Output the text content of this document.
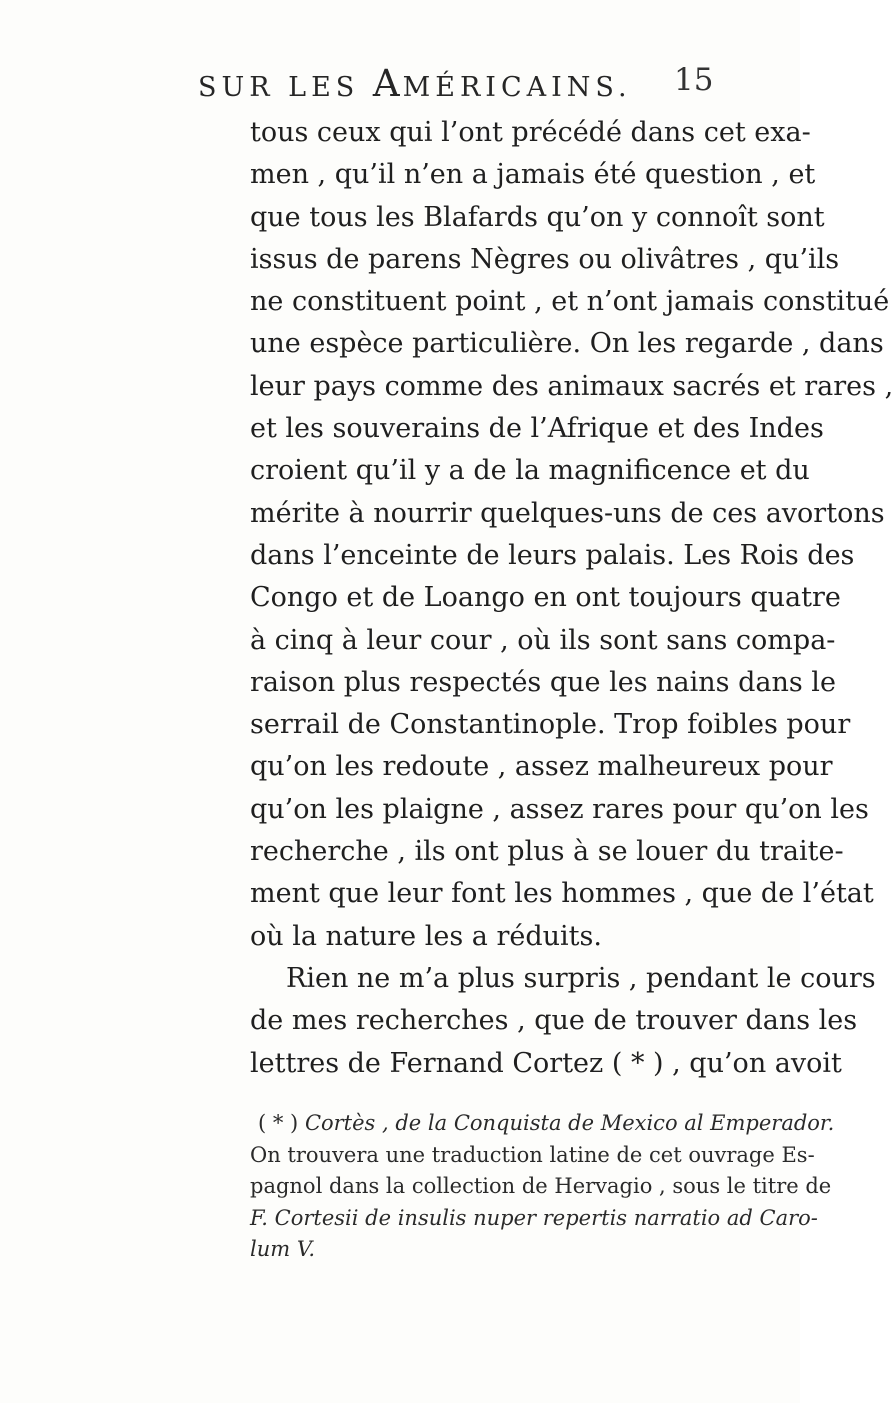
SUR LES AMÉRICAINS. 15
tous ceux qui l’ont précédé dans cet exa-
men , qu’il n’en a jamais été question , et
que tous les Blafards qu’on y connoît sont
issus de parens Nègres ou olivâtres , qu’ils
ne constituent point , et n’ont jamais constitué
une espèce particulière. On les regarde , dans
leur pays comme des animaux sacrés et rares ,
et les souverains de l’Afrique et des Indes
croient qu’il y a de la magnificence et du
mérite à nourrir quelques-uns de ces avortons
dans l’enceinte de leurs palais. Les Rois des
Congo et de Loango en ont toujours quatre
à cinq à leur cour , où ils sont sans compa-
raison plus respectés que les nains dans le
serrail de Constantinople. Trop foibles pour
qu’on les redoute , assez malheureux pour
qu’on les plaigne , assez rares pour qu’on les
recherche , ils ont plus à se louer du traite-
ment que leur font les hommes , que de l’état
où la nature les a réduits.
Rien ne m’a plus surpris , pendant le cours
de mes recherches , que de trouver dans les
lettres de Fernand Cortez ( * ) , qu’on avoit
( * ) Cortès , de la Conquista de Mexico al Emperador.
On trouvera une traduction latine de cet ouvrage Es-
pagnol dans la collection de Hervagio , sous le titre de
F. Cortesii de insulis nuper repertis narratio ad Caro-
lum V.
